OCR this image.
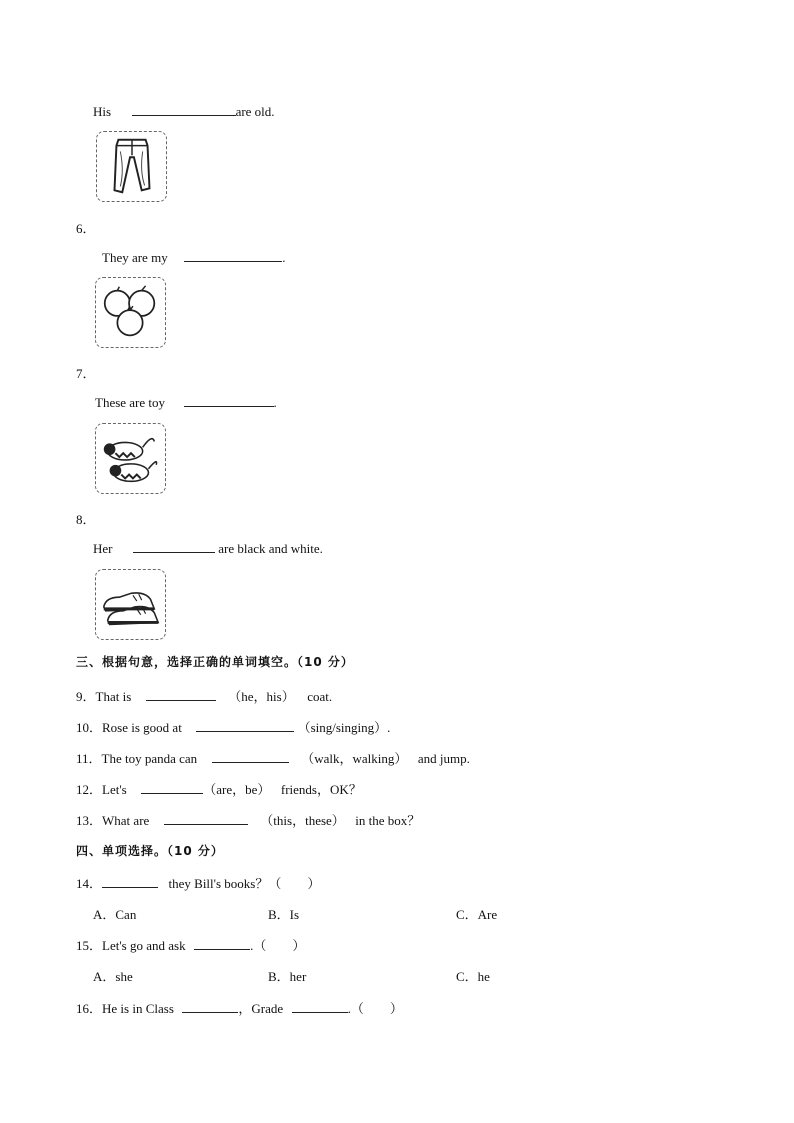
His	are old.
6．
They are my	.
7．
These are toy	.
8．
Her	are black and white.
三、根据句意，选择正确的单词填空。（10 分）
9．That is	（he，his） coat.
10．Rose is good at	（sing/singing）.
11．The toy panda can	（walk，walking） and jump.
12．Let's	（are，be） friends，OK？
13．What are	（this，these） in the box？
四、单项选择。（10 分）
14．	they Bill's books？（　　）
A．Can	B．Is	C．Are
15．Let's go and ask	.（　　）
A．she	B．her	C．he
16．He is in Class	，Grade	.（　　）
